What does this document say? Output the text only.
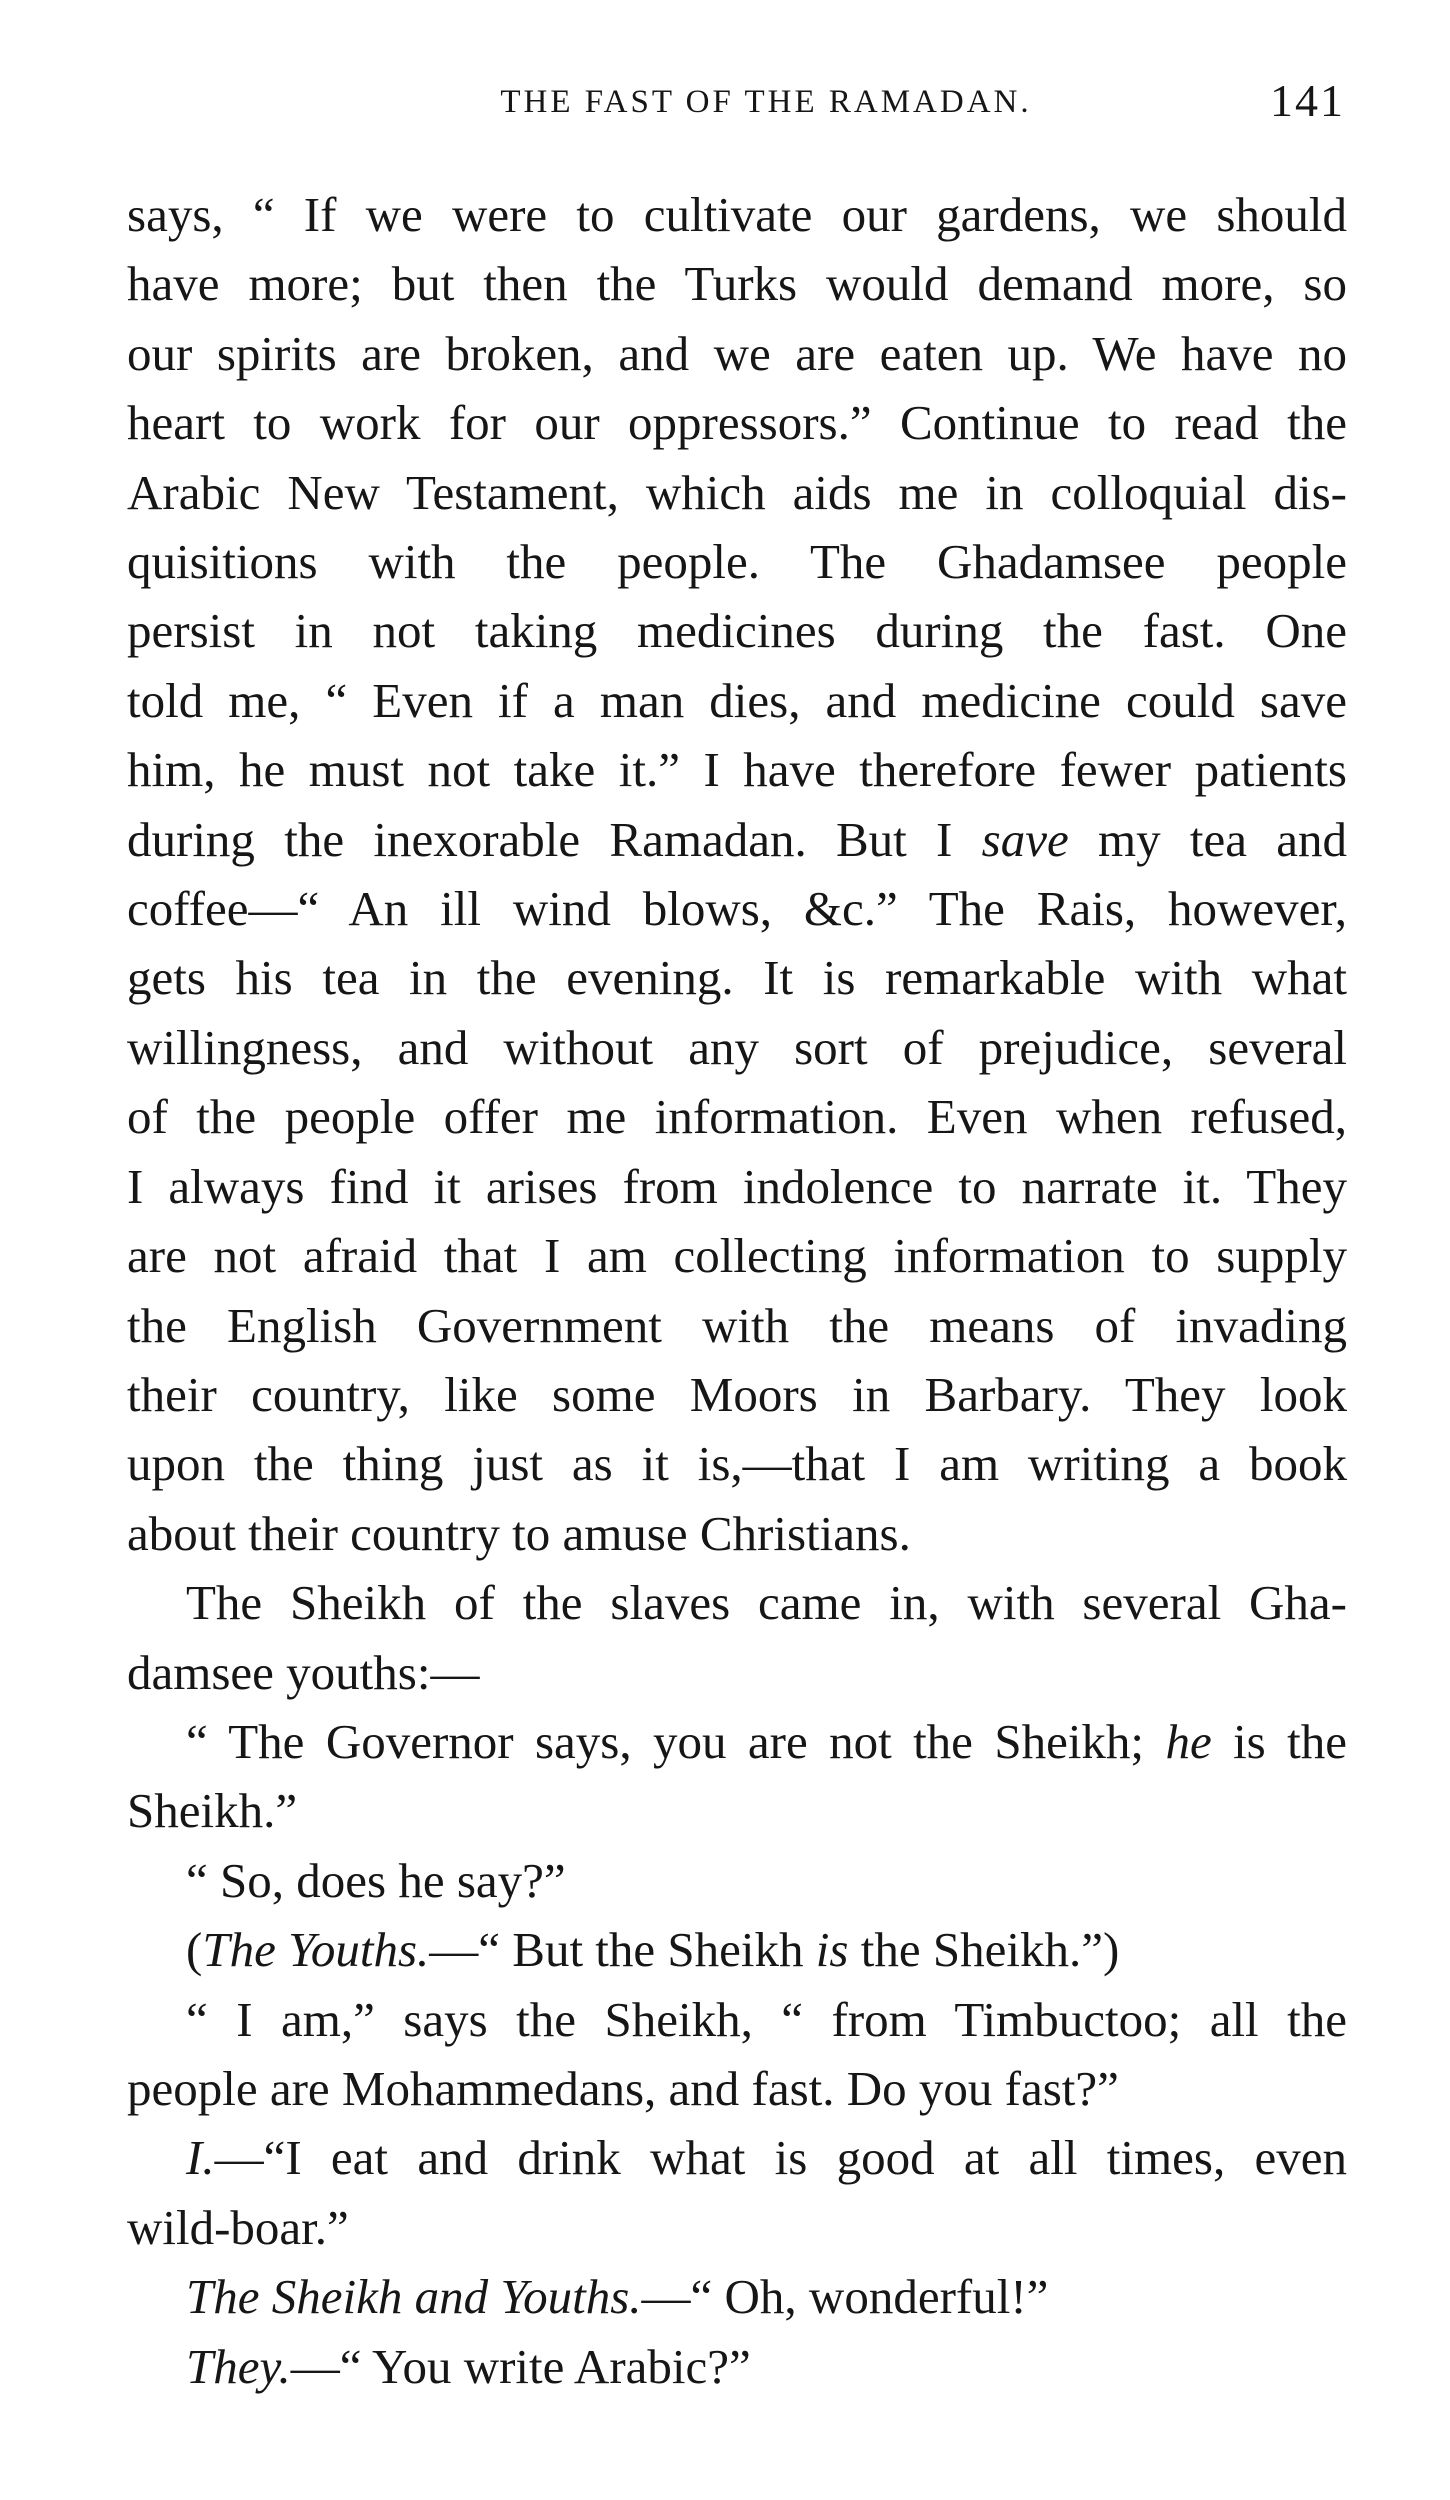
THE FAST OF THE RAMADAN.	141

says, “ If we were to cultivate our gardens, we should

have more; but then the Turks would demand more, so

our spirits are broken, and we are eaten up. We have no

heart to work for our oppressors.” Continue to read the

Arabic New Testament, which aids me in colloquial dis-

quisitions with the people. The Ghadamsee people

persist in not taking medicines during the fast. One

told me, “ Even if a man dies, and medicine could save

him, he must not take it.” I have therefore fewer patients

during the inexorable Ramadan. But I save my tea and

coffee—“ An ill wind blows, &c.” The Rais, however,

gets his tea in the evening. It is remarkable with what

willingness, and without any sort of prejudice, several

of the people offer me information. Even when refused,

I always find it arises from indolence to narrate it. They

are not afraid that I am collecting information to supply

the English Government with the means of invading

their country, like some Moors in Barbary. They look

upon the thing just as it is,—that I am writing a book

about their country to amuse Christians.

The Sheikh of the slaves came in, with several Gha-

damsee youths:—

“ The Governor says, you are not the Sheikh; he is the

Sheikh.”

“ So, does he say?”

(The Youths.—“ But the Sheikh is the Sheikh.”)

“ I am,” says the Sheikh, “ from Timbuctoo; all the

people are Mohammedans, and fast. Do you fast?”

I.—“I eat and drink what is good at all times, even

wild-boar.”

The Sheikh and Youths.—“ Oh, wonderful!”

They.—“ You write Arabic?”
